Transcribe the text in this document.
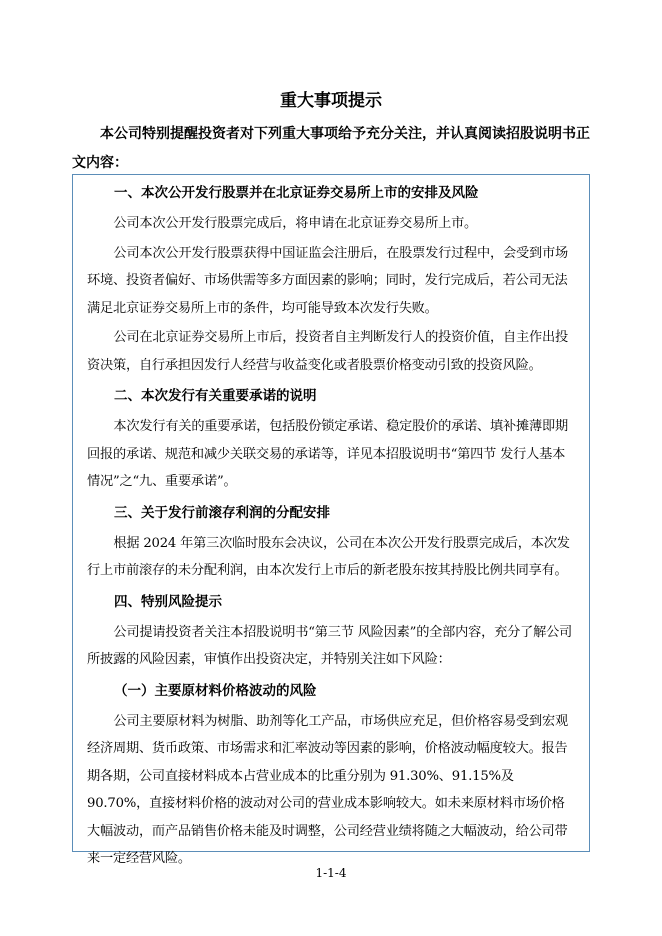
重大事项提示
本公司特别提醒投资者对下列重大事项给予充分关注，并认真阅读招股说明书正文内容：

一、本次公开发行股票并在北京证券交易所上市的安排及风险

公司本次公开发行股票完成后，将申请在北京证券交易所上市。

公司本次公开发行股票获得中国证监会注册后，在股票发行过程中，会受到市场环境、投资者偏好、市场供需等多方面因素的影响；同时，发行完成后，若公司无法满足北京证券交易所上市的条件，均可能导致本次发行失败。

公司在北京证券交易所上市后，投资者自主判断发行人的投资价值，自主作出投资决策，自行承担因发行人经营与收益变化或者股票价格变动引致的投资风险。

二、本次发行有关重要承诺的说明

本次发行有关的重要承诺，包括股份锁定承诺、稳定股价的承诺、填补摊薄即期回报的承诺、规范和减少关联交易的承诺等，详见本招股说明书“第四节 发行人基本情况”之“九、重要承诺”。

三、关于发行前滚存利润的分配安排

根据 2024 年第三次临时股东会决议，公司在本次公开发行股票完成后，本次发行上市前滚存的未分配利润，由本次发行上市后的新老股东按其持股比例共同享有。

四、特别风险提示

公司提请投资者关注本招股说明书“第三节 风险因素”的全部内容，充分了解公司所披露的风险因素，审慎作出投资决定，并特别关注如下风险：

（一）主要原材料价格波动的风险

公司主要原材料为树脂、助剂等化工产品，市场供应充足，但价格容易受到宏观经济周期、货币政策、市场需求和汇率波动等因素的影响，价格波动幅度较大。报告期各期，公司直接材料成本占营业成本的比重分别为 91.30%、91.15%及 90.70%，直接材料价格的波动对公司的营业成本影响较大。如未来原材料市场价格大幅波动，而产品销售价格未能及时调整，公司经营业绩将随之大幅波动，给公司带来一定经营风险。

1-1-4
